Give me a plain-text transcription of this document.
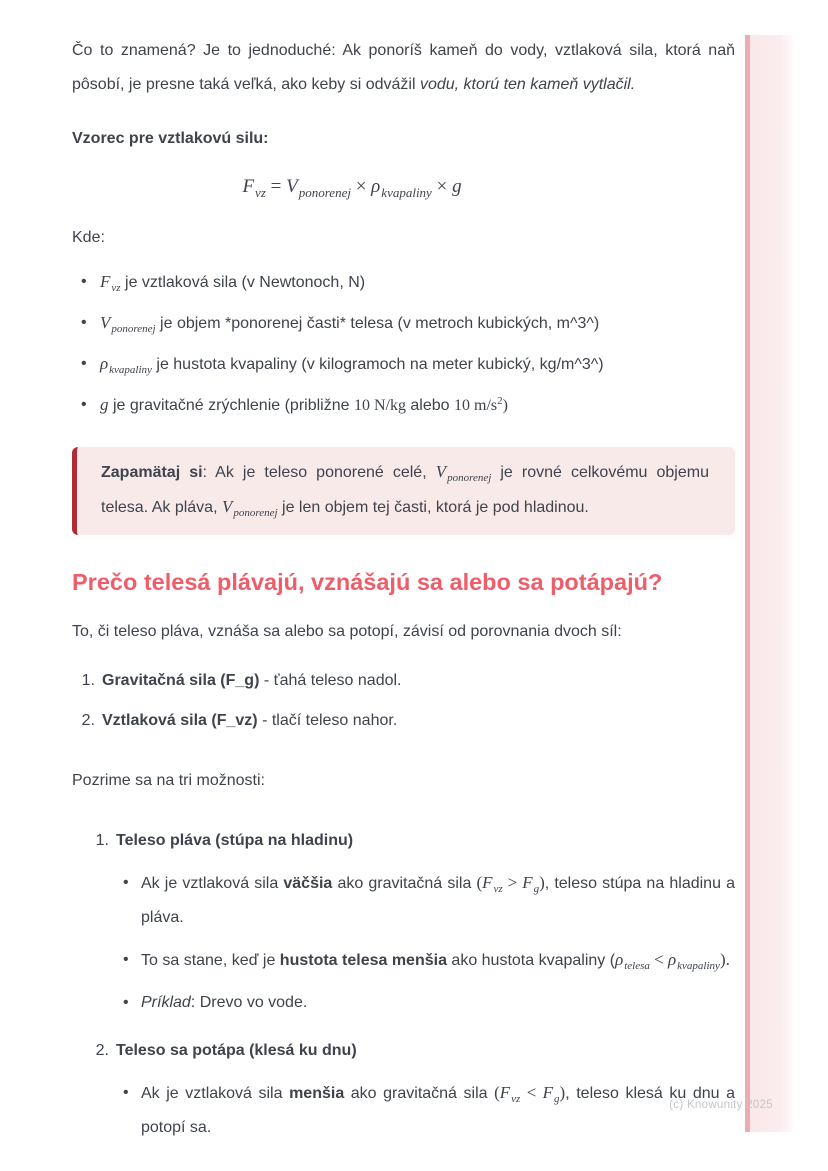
Čo to znamená? Je to jednoduché: Ak ponoríš kameň do vody, vztlaková sila, ktorá naň pôsobí, je presne taká veľká, ako keby si odvážil vodu, ktorú ten kameň vytlačil.

Vzorec pre vztlakovú silu:

$F_{vz} = V_{ponorenej} \times \rho_{kvapaliny} \times g$

Kde:

• $F_{vz}$ je vztlaková sila (v Newtonoch, N)
• $V_{ponorenej}$ je objem *ponorenej časti* telesa (v metroch kubických, m^3^)
• $\rho_{kvapaliny}$ je hustota kvapaliny (v kilogramoch na meter kubický, kg/m^3^)
• g je gravitačné zrýchlenie (približne 10 N/kg alebo 10 $m/s^2$)
Zapamätaj si: Ak je teleso ponorené celé, $V_{ponorenej}$ je rovné celkovému objemu telesa. Ak pláva, $V_{ponorenej}$ je len objem tej časti, ktorá je pod hladinou.
Prečo telesá plávajú, vznášajú sa alebo sa potápajú?

To, či teleso pláva, vznáša sa alebo sa potopí, závisí od porovnania dvoch síl:

1. Gravitačná sila (F_g) - ťahá teleso nadol.
2. Vztlaková sila (F_vz) - tlačí teleso nahor.

Pozrime sa na tri možnosti:

1. Teleso pláva (stúpa na hladinu)
• Ak je vztlaková sila väčšia ako gravitačná sila $(F_{vz} > F_g)$, teleso stúpa na hladinu a pláva.
• To sa stane, keď je hustota telesa menšia ako hustota kvapaliny $(\rho_{telesa} < \rho_{kvapaliny})$.
• Príklad: Drevo vo vode.
2. Teleso sa potápa (klesá ku dnu)
• Ak je vztlaková sila menšia ako gravitačná sila $(F_{vz} < F_g)$, teleso klesá ku dnu a potopí sa.
(c) Knowunity 2025
